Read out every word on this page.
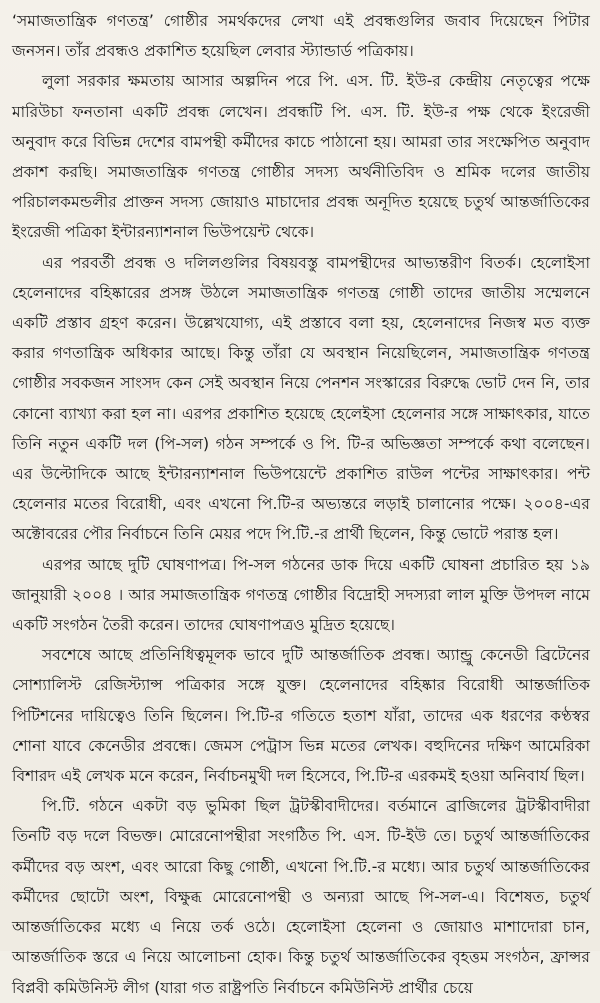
‘সমাজতান্ত্রিক গণতন্ত্র’ গোষ্ঠীর সমর্থকদের লেখা এই প্রবন্ধগুলির জবাব দিয়েছেন পিটার জনসন। তাঁর প্রবন্ধও প্রকাশিত হয়েছিল লেবার স্ট্যান্ডার্ড পত্রিকায়।

লুলা সরকার ক্ষমতায় আসার অল্পদিন পরে পি. এস. টি. ইউ-র কেন্দ্রীয় নেতৃত্বের পক্ষে মারিউচা ফনতানা একটি প্রবন্ধ লেখেন। প্রবন্ধটি পি. এস. টি. ইউ-র পক্ষ থেকে ইংরেজী অনুবাদ করে বিভিন্ন দেশের বামপন্থী কর্মীদের কাচে পাঠানো হয়। আমরা তার সংক্ষেপিত অনুবাদ প্রকাশ করছি। সমাজতান্ত্রিক গণতন্ত্র গোষ্ঠীর সদস্য অর্থনীতিবিদ ও শ্রমিক দলের জাতীয় পরিচালকমন্ডলীর প্রাক্তন সদস্য জোয়াও মাচাদোর প্রবন্ধ অনূদিত হয়েছে চতুর্থ আন্তর্জাতিকের ইংরেজী পত্রিকা ইন্টারন্যাশনাল ভিউপয়েন্ট থেকে।

এর পরবর্তী প্রবন্ধ ও দলিলগুলির বিষয়বস্তু বামপন্থীদের আভ্যন্তরীণ বিতর্ক। হেলোইসা হেলেনাদের বহিষ্কারের প্রসঙ্গ উঠলে সমাজতান্ত্রিক গণতন্ত্র গোষ্ঠী তাদের জাতীয় সম্মেলনে একটি প্রস্তাব গ্রহণ করেন। উল্লেখযোগ্য, এই প্রস্তাবে বলা হয়, হেলেনাদের নিজস্ব মত ব্যক্ত করার গণতান্ত্রিক অধিকার আছে। কিন্তু তাঁরা যে অবস্থান নিয়েছিলেন, সমাজতান্ত্রিক গণতন্ত্র গোষ্ঠীর সবকজন সাংসদ কেন সেই অবস্থান নিয়ে পেনশন সংস্কারের বিরুদ্ধে ভোট দেন নি, তার কোনো ব্যাখ্যা করা হল না। এরপর প্রকাশিত হয়েছে হেলেইসা হেলেনার সঙ্গে সাক্ষাৎকার, যাতে তিনি নতুন একটি দল (পি-সল) গঠন সম্পর্কে ও পি. টি-র অভিজ্ঞতা সম্পর্কে কথা বলেছেন। এর উল্টোদিকে আছে ইন্টারন্যাশনাল ভিউপয়েন্টে প্রকাশিত রাউল পন্টের সাক্ষাৎকার। পন্ট হেলেনার মতের বিরোধী, এবং এখনো পি.টি-র অভ্যন্তরে লড়াই চালানোর পক্ষে। ২০০৪-এর অক্টোবরের পৌর নির্বাচনে তিনি মেয়র পদে পি.টি.-র প্রার্থী ছিলেন, কিন্তু ভোটে পরাস্ত হল।

এরপর আছে দুটি ঘোষণাপত্র। পি-সল গঠনের ডাক দিয়ে একটি ঘোষনা প্রচারিত হয় ১৯ জানুয়ারী ২০০৪ । আর সমাজতান্ত্রিক গণতন্ত্র গোষ্ঠীর বিদ্রোহী সদস্যরা লাল মুক্তি উপদল নামে একটি সংগঠন তৈরী করেন। তাদের ঘোষণাপত্রও মুদ্রিত হয়েছে।

সবশেষে আছে প্রতিনিধিত্বমূলক ভাবে দুটি আন্তর্জাতিক প্রবন্ধ। অ্যান্ড্রু কেনেডী ব্রিটেনের সোশ্যালিস্ট রেজিস্ট্যান্স পত্রিকার সঙ্গে যুক্ত। হেলেনাদের বহিষ্কার বিরোধী আন্তর্জাতিক পিটিশনের দায়িত্বেও তিনি ছিলেন। পি.টি-র গতিতে হতাশ যাঁরা, তাদের এক ধরণের কণ্ঠস্বর শোনা যাবে কেনেডীর প্রবন্ধে। জেমস পেট্রাস ভিন্ন মতের লেখক। বহুদিনের দক্ষিণ আমেরিকা বিশারদ এই লেখক মনে করেন, নির্বাচনমুখী দল হিসেবে, পি.টি-র এরকমই হওয়া অনিবার্য ছিল।

পি.টি. গঠনে একটা বড় ভুমিকা ছিল ট্রটস্কীবাদীদের। বর্তমানে ব্রাজিলের ট্রটস্কীবাদীরা তিনটি বড় দলে বিভক্ত। মোরেনোপন্থীরা সংগঠিত পি. এস. টি-ইউ তে। চতুর্থ আন্তর্জাতিকের কর্মীদের বড় অংশ, এবং আরো কিছু গোষ্ঠী, এখনো পি.টি.-র মধ্যে। আর চতুর্থ আন্তর্জাতিকের কর্মীদের ছোটো অংশ, বিক্ষুব্ধ মোরেনোপন্থী ও অন্যরা আছে পি-সল-এ। বিশেষত, চতুর্থ আন্তর্জাতিকের মধ্যে এ নিয়ে তর্ক ওঠে। হেলোইসা হেলেনা ও জোয়াও মাশাদোরা চান, আন্তর্জাতিক স্তরে এ নিয়ে আলোচনা হোক। কিন্তু চতুর্থ আন্তর্জাতিকের বৃহত্তম সংগঠন, ফ্রান্সর বিপ্লবী কমিউনিস্ট লীগ (যারা গত রাষ্ট্রপতি নির্বাচনে কমিউনিস্ট প্রার্থীর চেয়ে
